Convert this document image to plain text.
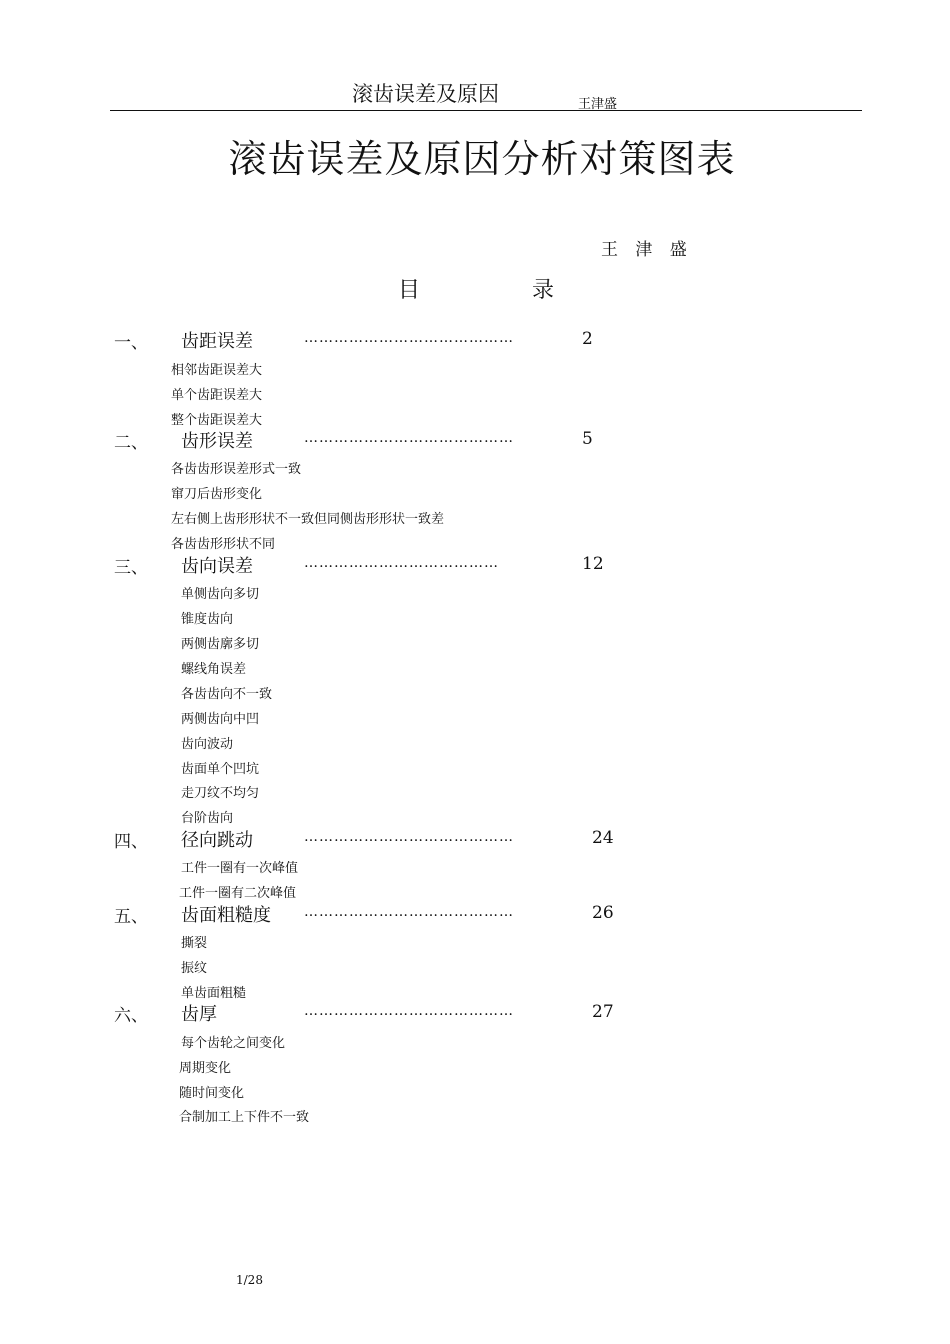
滚齿误差及原因	王津盛
滚齿误差及原因分析对策图表
王 津 盛
目	录
一、 齿距误差	……………………………………	2
相邻齿距误差大
单个齿距误差大
整个齿距误差大
二、 齿形误差	……………………………………	5
各齿齿形误差形式一致
窜刀后齿形变化
左右侧上齿形形状不一致但同侧齿形形状一致差
各齿齿形形状不同
三、 齿向误差	…………………………………	12
单侧齿向多切
锥度齿向
两侧齿廓多切
螺线角误差
各齿齿向不一致
两侧齿向中凹
齿向波动
齿面单个凹坑
走刀纹不均匀
台阶齿向
四、 径向跳动	……………………………………	24
工件一圈有一次峰值
工件一圈有二次峰值
五、 齿面粗糙度 ……………………………………	26
撕裂
振纹
单齿面粗糙
六、 齿厚	……………………………………	27
每个齿轮之间变化
周期变化
随时间变化
合制加工上下件不一致
1/28
